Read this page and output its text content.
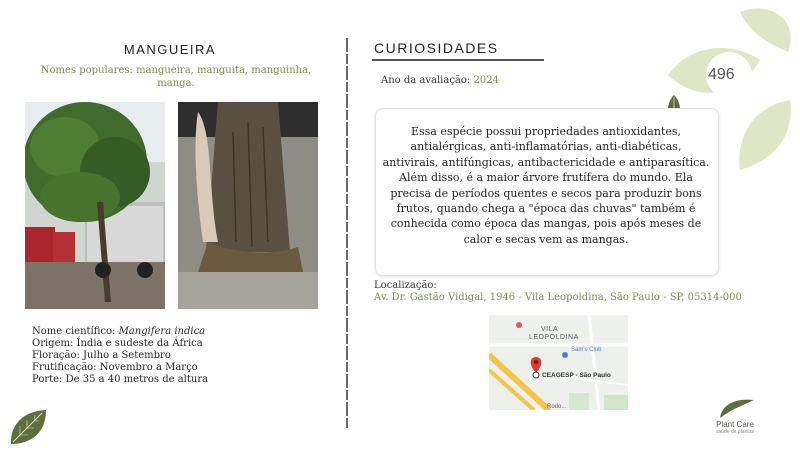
496
MANGUEIRA
Nomes populares: mangueira, manguita, manguinha, manga.
Nome científico: Mangifera indica
Origem: Índia e sudeste da África
Floração: Julho a Setembro
Frutificação: Novembro a Março
Porte: De 35 a 40 metros de altura
CURIOSIDADES
Ano da avaliação: 2024
Essa espécie possui propriedades antioxidantes, antialérgicas, anti-inflamatórias, anti-diabéticas, antivirais, antifúngicas, antibactericidade e antiparasítica. Além disso, é a maior árvore frutífera do mundo. Ela precisa de períodos quentes e secos para produzir bons frutos, quando chega a "época das chuvas" também é conhecida como época das mangas, pois após meses de calor e secas vem as mangas.
Localização:
Av. Dr. Gastão Vidigal, 1946 - Vila Leopoldina, São Paulo - SP, 05314-000
VILA
LEOPOLDINA
Sam's Club
CEAGESP - São Paulo
Rodo...
Plant Care
saúde de plantas
